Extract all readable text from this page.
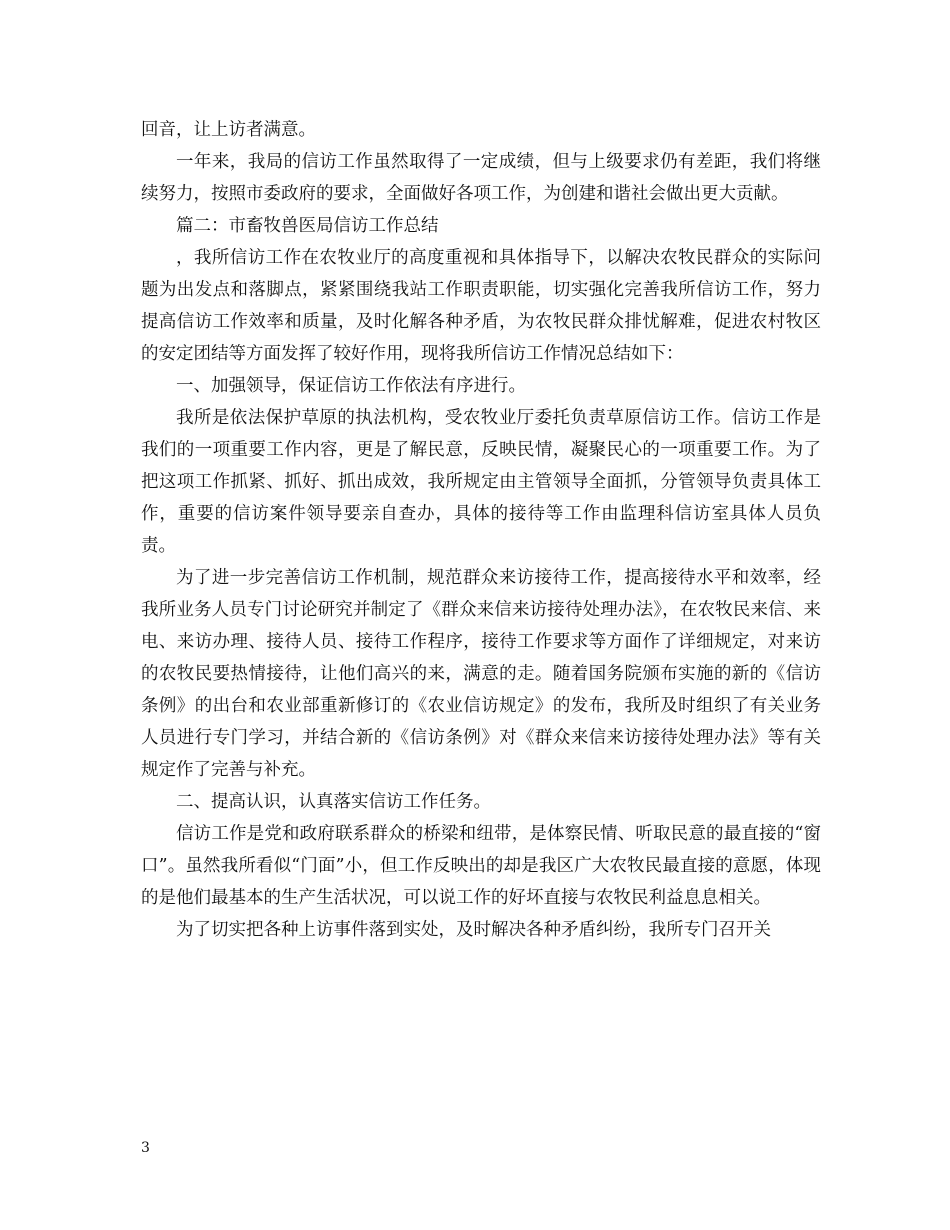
回音，让上访者满意。

一年来，我局的信访工作虽然取得了一定成绩，但与上级要求仍有差距，我们将继续努力，按照市委政府的要求，全面做好各项工作，为创建和谐社会做出更大贡献。

篇二：市畜牧兽医局信访工作总结

，我所信访工作在农牧业厅的高度重视和具体指导下，以解决农牧民群众的实际问题为出发点和落脚点，紧紧围绕我站工作职责职能，切实强化完善我所信访工作，努力提高信访工作效率和质量，及时化解各种矛盾，为农牧民群众排忧解难，促进农村牧区的安定团结等方面发挥了较好作用，现将我所信访工作情况总结如下：

一、加强领导，保证信访工作依法有序进行。

我所是依法保护草原的执法机构，受农牧业厅委托负责草原信访工作。信访工作是我们的一项重要工作内容，更是了解民意，反映民情，凝聚民心的一项重要工作。为了把这项工作抓紧、抓好、抓出成效，我所规定由主管领导全面抓，分管领导负责具体工作，重要的信访案件领导要亲自查办，具体的接待等工作由监理科信访室具体人员负责。

为了进一步完善信访工作机制，规范群众来访接待工作，提高接待水平和效率，经我所业务人员专门讨论研究并制定了《群众来信来访接待处理办法》，在农牧民来信、来电、来访办理、接待人员、接待工作程序，接待工作要求等方面作了详细规定，对来访的农牧民要热情接待，让他们高兴的来，满意的走。随着国务院颁布实施的新的《信访条例》的出台和农业部重新修订的《农业信访规定》的发布，我所及时组织了有关业务人员进行专门学习，并结合新的《信访条例》对《群众来信来访接待处理办法》等有关规定作了完善与补充。

二、提高认识，认真落实信访工作任务。

信访工作是党和政府联系群众的桥梁和纽带，是体察民情、听取民意的最直接的“窗口”。虽然我所看似“门面”小，但工作反映出的却是我区广大农牧民最直接的意愿，体现的是他们最基本的生产生活状况，可以说工作的好坏直接与农牧民利益息息相关。

为了切实把各种上访事件落到实处，及时解决各种矛盾纠纷，我所专门召开关

3
